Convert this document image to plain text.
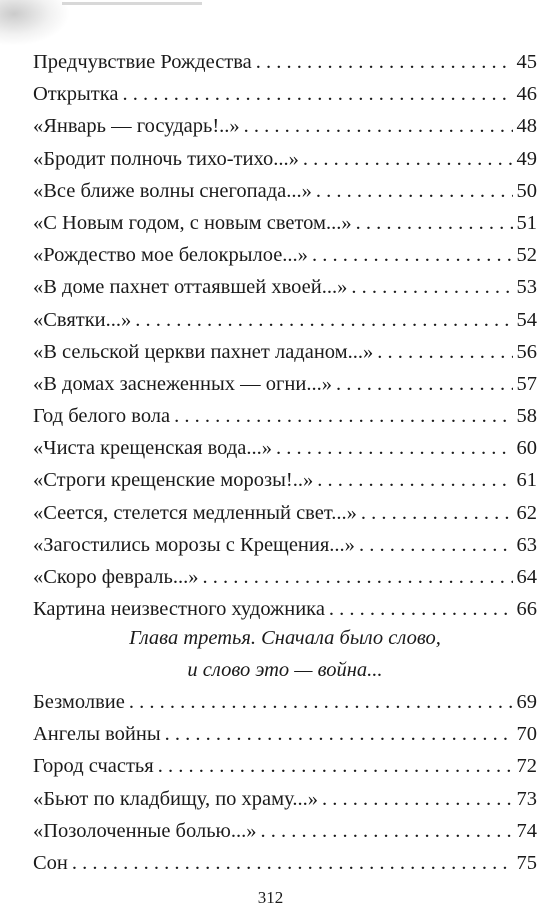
Предчувствие Рождества . . .	45
Открытка . . .	46
«Январь — государь!..» . . .	48
«Бродит полночь тихо-тихо...» . . .	49
«Все ближе волны снегопада...» . . .	50
«С Новым годом, с новым светом...» . . .	51
«Рождество мое белокрылое...» . . .	52
«В доме пахнет оттаявшей хвоей...» . . .	53
«Святки...» . . .	54
«В сельской церкви пахнет ладаном...» . . .	56
«В домах заснеженных — огни...» . . .	57
Год белого вола . . .	58
«Чиста крещенская вода...» . . .	60
«Строги крещенские морозы!..» . . .	61
«Сеется, стелется медленный свет...» . . .	62
«Загостились морозы с Крещения...» . . .	63
«Скоро февраль...» . . .	64
Картина неизвестного художника . . .	66
Глава третья. Сначала было слово,
и слово это — война...
Безмолвие . . .	69
Ангелы войны . . .	70
Город счастья . . .	72
«Бьют по кладбищу, по храму...» . . .	73
«Позолоченные болью...» . . .	74
Сон . . .	75
312
